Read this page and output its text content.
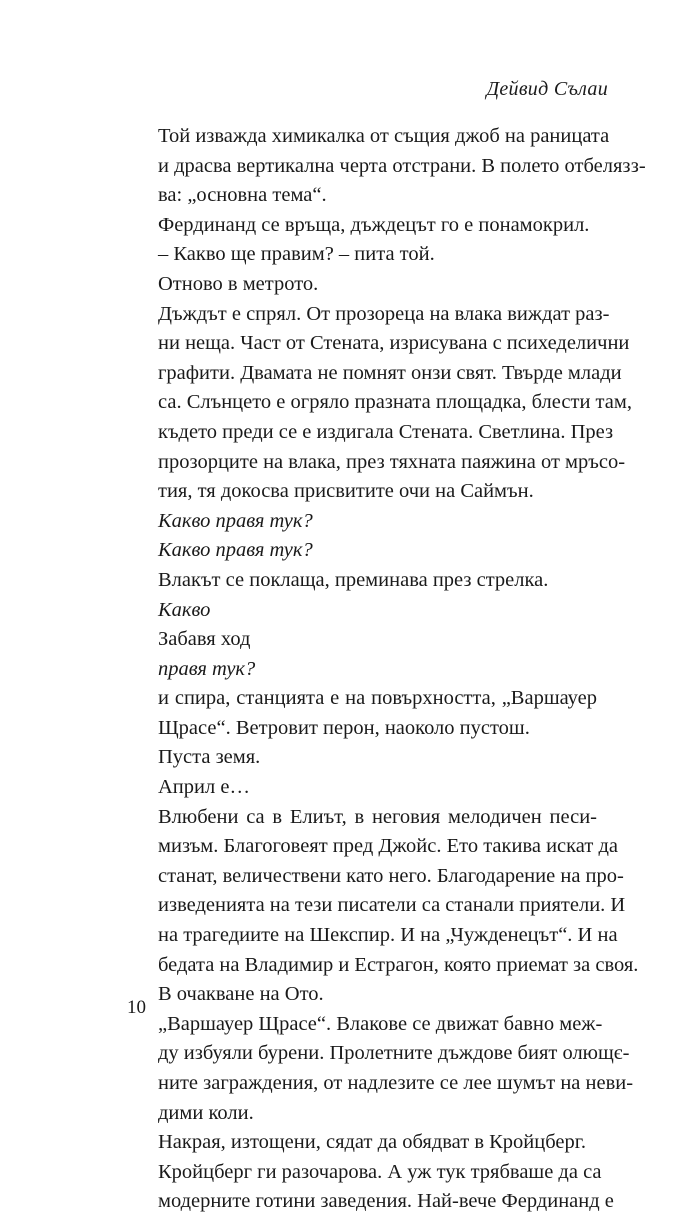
Дейвид Сълаи

Той изважда химикалка от същия джоб на раницата
и драсва вертикална черта отстрани. В полето отбелязз-
ва: „основна тема“.

Фердинанд се връща, дъждецът го е понамокрил.

– Какво ще правим? – пита той.

Отново в метрото.

Дъждът е спрял. От прозореца на влака виждат раз-
ни неща. Част от Стената, изрисувана с психеделични
графити. Двамата не помнят онзи свят. Твърде млади
са. Слънцето е огряло празната площадка, блести там,
където преди се е издигала Стената. Светлина. През
прозорците на влака, през тяхната паяжина от мръсо-
тия, тя докосва присвитите очи на Саймън.

Какво правя тук?

Какво правя тук?

Влакът се поклаща, преминава през стрелка.

Какво

Забавя ход

правя тук?

и спира, станцията е на повърхността, „Варшауер
Щрасе“. Ветровит перон, наоколо пустош.

Пуста земя.

Април е…

Влюбени са в Елиът, в неговия мелодичен песи-
мизъм. Благоговеят пред Джойс. Ето такива искат да
станат, величествени като него. Благодарение на про-
изведенията на тези писатели са станали приятели. И
на трагедиите на Шекспир. И на „Чужденецът“. И на
бедата на Владимир и Естрагон, която приемат за своя.
В очакване на Ото.

„Варшауер Щрасе“. Влакове се движат бавно меж-
ду избуяли бурени. Пролетните дъждове бият олющє-
ните заграждения, от надлезите се лее шумът на неви-
дими коли.

Накрая, изтощени, сядат да обядват в Кройцберг.

Кройцберг ги разочарова. А уж тук трябваше да са
модерните готини заведения. Най-вече Фердинанд е

10
